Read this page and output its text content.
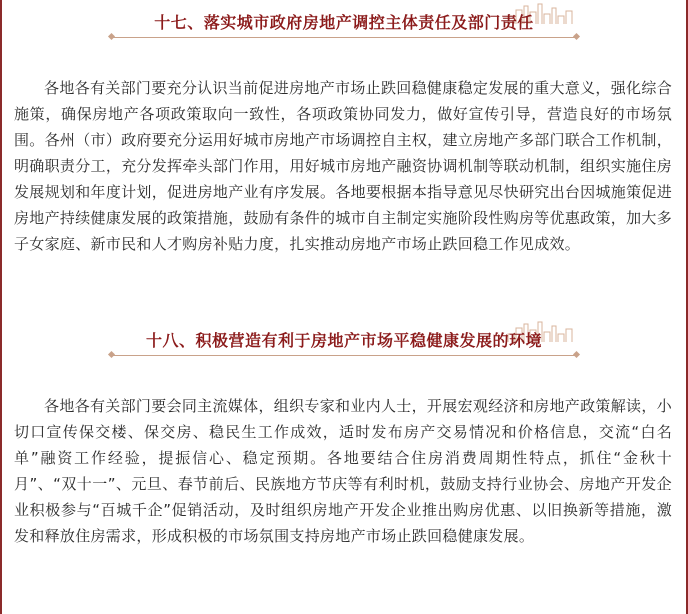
十七、落实城市政府房地产调控主体责任及部门责任

各地各有关部门要充分认识当前促进房地产市场止跌回稳健康稳定发展的重大意义，强化综合施策，确保房地产各项政策取向一致性，各项政策协同发力，做好宣传引导，营造良好的市场氛围。各州（市）政府要充分运用好城市房地产市场调控自主权，建立房地产多部门联合工作机制，明确职责分工，充分发挥牵头部门作用，用好城市房地产融资协调机制等联动机制，组织实施住房发展规划和年度计划，促进房地产业有序发展。各地要根据本指导意见尽快研究出台因城施策促进房地产持续健康发展的政策措施，鼓励有条件的城市自主制定实施阶段性购房等优惠政策，加大多子女家庭、新市民和人才购房补贴力度，扎实推动房地产市场止跌回稳工作见成效。

十八、积极营造有利于房地产市场平稳健康发展的环境

各地各有关部门要会同主流媒体，组织专家和业内人士，开展宏观经济和房地产政策解读，小切口宣传保交楼、保交房、稳民生工作成效，适时发布房产交易情况和价格信息，交流“白名单”融资工作经验，提振信心、稳定预期。各地要结合住房消费周期性特点，抓住“金秋十月”、“双十一”、元旦、春节前后、民族地方节庆等有利时机，鼓励支持行业协会、房地产开发企业积极参与“百城千企”促销活动，及时组织房地产开发企业推出购房优惠、以旧换新等措施，激发和释放住房需求，形成积极的市场氛围支持房地产市场止跌回稳健康发展。
